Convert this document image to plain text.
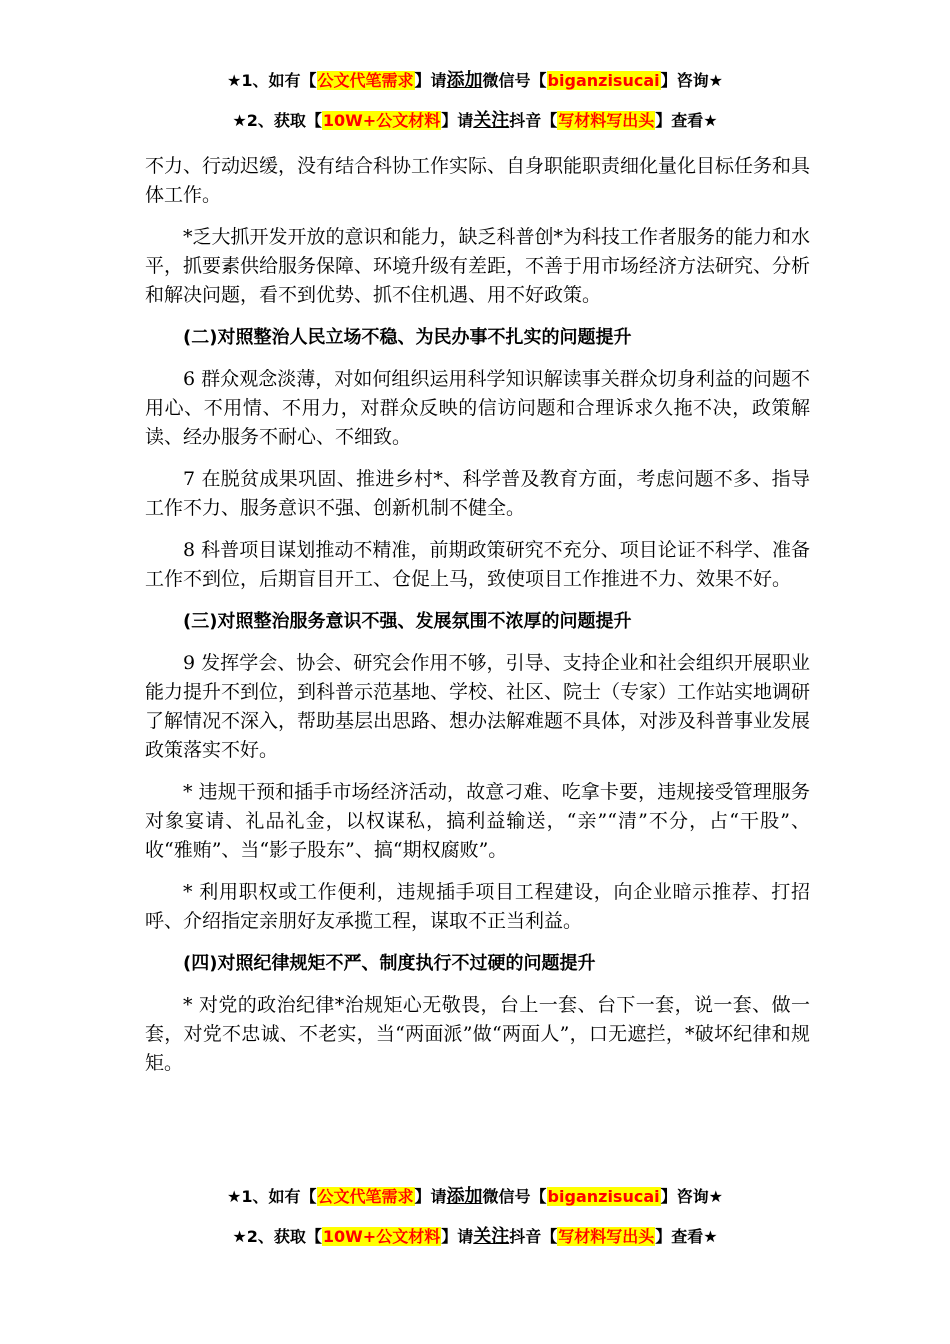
★1、如有【公文代笔需求】请添加微信号【biganzisucai】咨询★
★2、获取【10W+公文材料】请关注抖音【写材料写出头】查看★

不力、行动迟缓，没有结合科协工作实际、自身职能职责细化量化目标任务和具体工作。

*乏大抓开发开放的意识和能力，缺乏科普创*为科技工作者服务的能力和水平，抓要素供给服务保障、环境升级有差距，不善于用市场经济方法研究、分析和解决问题，看不到优势、抓不住机遇、用不好政策。

(二)对照整治人民立场不稳、为民办事不扎实的问题提升

6 群众观念淡薄，对如何组织运用科学知识解读事关群众切身利益的问题不用心、不用情、不用力，对群众反映的信访问题和合理诉求久拖不决，政策解读、经办服务不耐心、不细致。

7 在脱贫成果巩固、推进乡村*、科学普及教育方面，考虑问题不多、指导工作不力、服务意识不强、创新机制不健全。

8 科普项目谋划推动不精准，前期政策研究不充分、项目论证不科学、准备工作不到位，后期盲目开工、仓促上马，致使项目工作推进不力、效果不好。

(三)对照整治服务意识不强、发展氛围不浓厚的问题提升

9 发挥学会、协会、研究会作用不够，引导、支持企业和社会组织开展职业能力提升不到位，到科普示范基地、学校、社区、院士（专家）工作站实地调研了解情况不深入，帮助基层出思路、想办法解难题不具体，对涉及科普事业发展政策落实不好。

* 违规干预和插手市场经济活动，故意刁难、吃拿卡要，违规接受管理服务对象宴请、礼品礼金，以权谋私，搞利益输送，“亲”“清”不分，占“干股”、收“雅贿”、当“影子股东”、搞“期权腐败”。

* 利用职权或工作便利，违规插手项目工程建设，向企业暗示推荐、打招呼、介绍指定亲朋好友承揽工程，谋取不正当利益。

(四)对照纪律规矩不严、制度执行不过硬的问题提升

* 对党的政治纪律*治规矩心无敬畏，台上一套、台下一套，说一套、做一套，对党不忠诚、不老实，当“两面派”做“两面人”，口无遮拦，*破坏纪律和规矩。

★1、如有【公文代笔需求】请添加微信号【biganzisucai】咨询★
★2、获取【10W+公文材料】请关注抖音【写材料写出头】查看★
